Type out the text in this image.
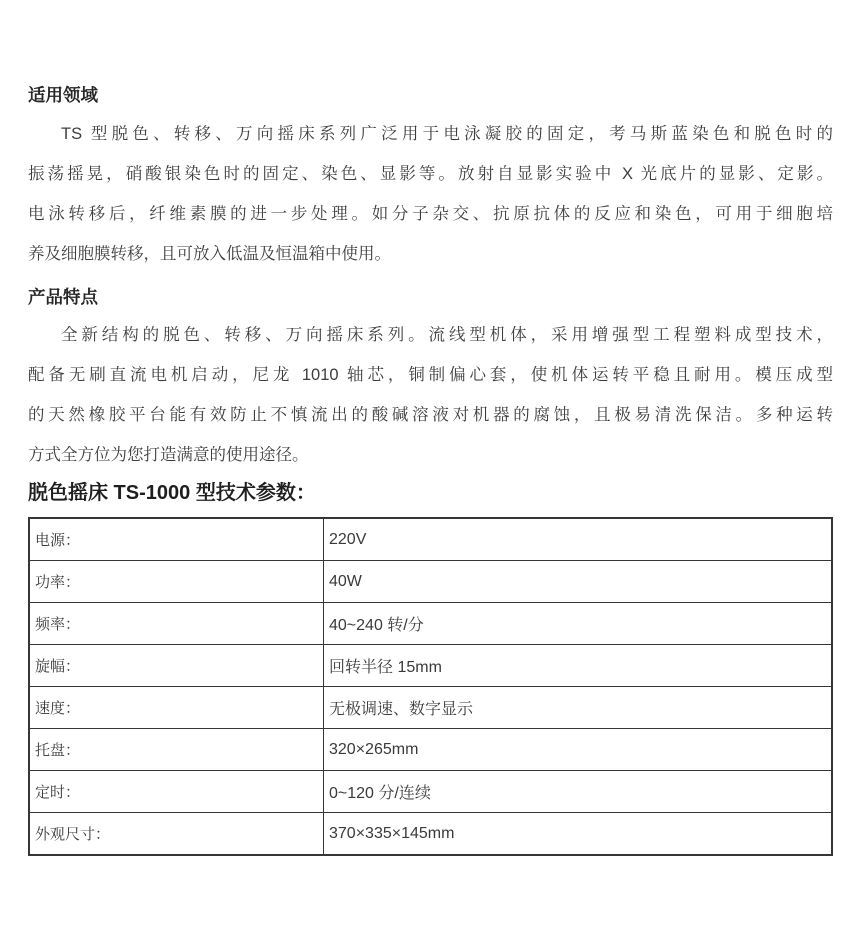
适用领域
TS 型脱色、转移、万向摇床系列广泛用于电泳凝胶的固定，考马斯蓝染色和脱色时的
振荡摇晃，硝酸银染色时的固定、染色、显影等。放射自显影实验中 X 光底片的显影、定影。
电泳转移后，纤维素膜的进一步处理。如分子杂交、抗原抗体的反应和染色，可用于细胞培
养及细胞膜转移，且可放入低温及恒温箱中使用。
产品特点
全新结构的脱色、转移、万向摇床系列。流线型机体，采用增强型工程塑料成型技术，
配备无刷直流电机启动，尼龙 1010 轴芯，铜制偏心套，使机体运转平稳且耐用。模压成型
的天然橡胶平台能有效防止不慎流出的酸碱溶液对机器的腐蚀，且极易清洗保洁。多种运转
方式全方位为您打造满意的使用途径。
脱色摇床 TS-1000 型技术参数：
电源：	220V
功率：	40W
频率：	40~240 转/分
旋幅：	回转半径 15mm
速度：	无极调速、数字显示
托盘：	320×265mm
定时：	0~120 分/连续
外观尺寸：	370×335×145mm
